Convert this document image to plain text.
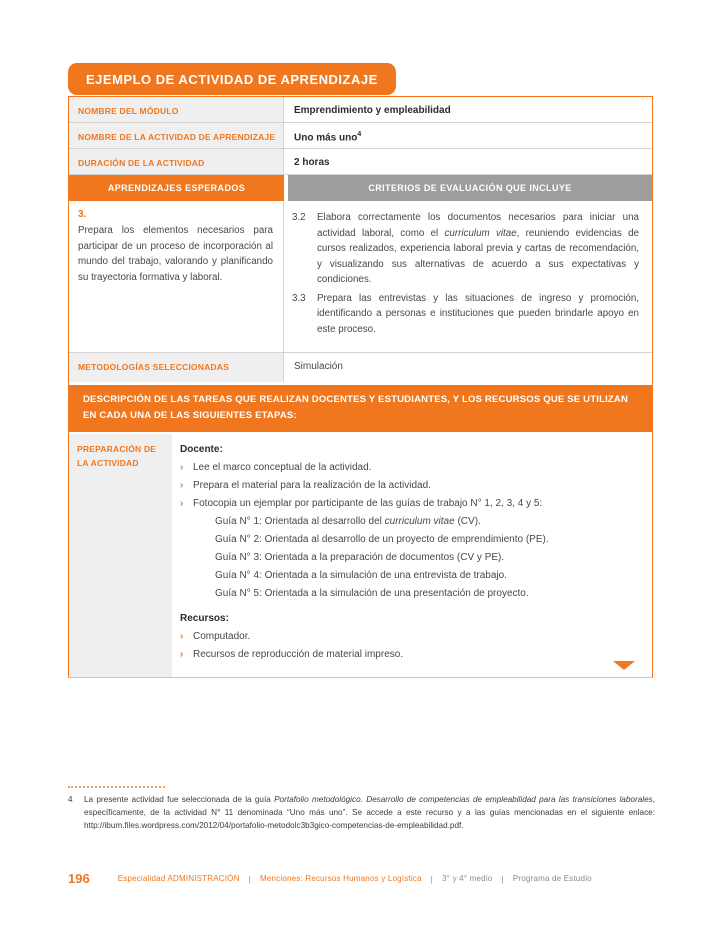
EJEMPLO DE ACTIVIDAD DE APRENDIZAJE
NOMBRE DEL MÓDULO	Emprendimiento y empleabilidad
NOMBRE DE LA ACTIVIDAD DE APRENDIZAJE	Uno más uno$^4$
DURACIÓN DE LA ACTIVIDAD	2 horas
APRENDIZAJES ESPERADOS	CRITERIOS DE EVALUACIÓN QUE INCLUYE
3.
Prepara los elementos necesarios para participar de un proceso de incorporación al mundo del trabajo, valorando y planificando su trayectoria formativa y laboral.
3.2	Elabora correctamente los documentos necesarios para iniciar una actividad laboral, como el curriculum vitae, reuniendo evidencias de cursos realizados, experiencia laboral previa y cartas de recomendación, y visualizando sus alternativas de acuerdo a sus expectativas y condiciones.
3.3	Prepara las entrevistas y las situaciones de ingreso y promoción, identificando a personas e instituciones que pueden brindarle apoyo en este proceso.
METODOLOGÍAS SELECCIONADAS	Simulación
DESCRIPCIÓN DE LAS TAREAS QUE REALIZAN DOCENTES Y ESTUDIANTES, Y LOS RECURSOS QUE SE UTILIZAN EN CADA UNA DE LAS SIGUIENTES ETAPAS:
PREPARACIÓN DE LA ACTIVIDAD
Docente:
› Lee el marco conceptual de la actividad.
› Prepara el material para la realización de la actividad.
› Fotocopia un ejemplar por participante de las guías de trabajo N° 1, 2, 3, 4 y 5:
Guía N° 1: Orientada al desarrollo del curriculum vitae (CV).
Guía N° 2: Orientada al desarrollo de un proyecto de emprendimiento (PE).
Guía N° 3: Orientada a la preparación de documentos (CV y PE).
Guía N° 4: Orientada a la simulación de una entrevista de trabajo.
Guía N° 5: Orientada a la simulación de una presentación de proyecto.
Recursos:
› Computador.
› Recursos de reproducción de material impreso.
4	La presente actividad fue seleccionada de la guía Portafolio metodológico. Desarrollo de competencias de empleabilidad para las transiciones laborales, específicamente, de la actividad N° 11 denominada “Uno más uno”. Se accede a este recurso y a las guías mencionadas en el siguiente enlace: http://ibum.files.wordpress.com/2012/04/portafolio-metodolc3b3gico-competencias-de-empleabilidad.pdf.
196	Especialidad ADMINISTRACIÓN | Menciones: Recursos Humanos y Logística | 3° y 4° medio | Programa de Estudio
